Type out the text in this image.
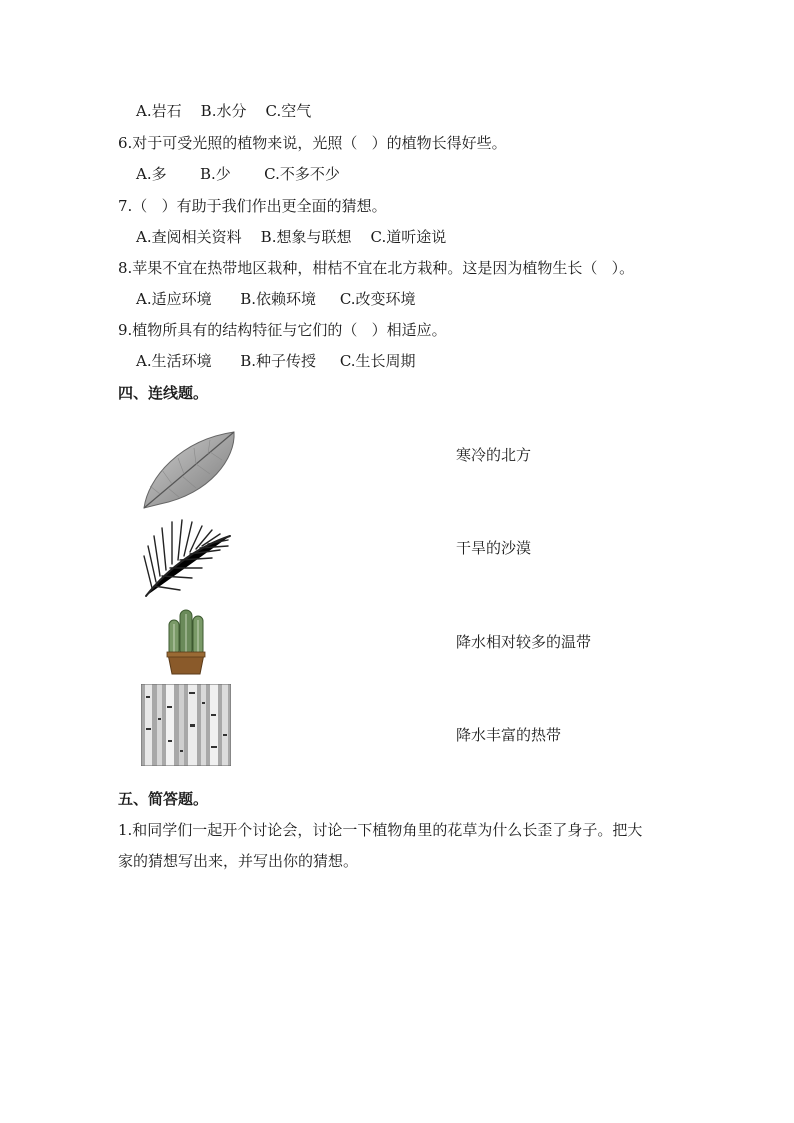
A.岩石    B.水分    C.空气
6.对于可受光照的植物来说，光照（   ）的植物长得好些。
A.多       B.少       C.不多不少
7.（   ）有助于我们作出更全面的猜想。
A.查阅相关资料    B.想象与联想    C.道听途说
8.苹果不宜在热带地区栽种，柑桔不宜在北方栽种。这是因为植物生长（   ）。
A.适应环境      B.依赖环境     C.改变环境
9.植物所具有的结构特征与它们的（   ）相适应。
A.生活环境      B.种子传授     C.生长周期
四、连线题。
寒冷的北方
干旱的沙漠
降水相对较多的温带
降水丰富的热带
五、简答题。
1.和同学们一起开个讨论会，讨论一下植物角里的花草为什么长歪了身子。把大
家的猜想写出来，并写出你的猜想。
